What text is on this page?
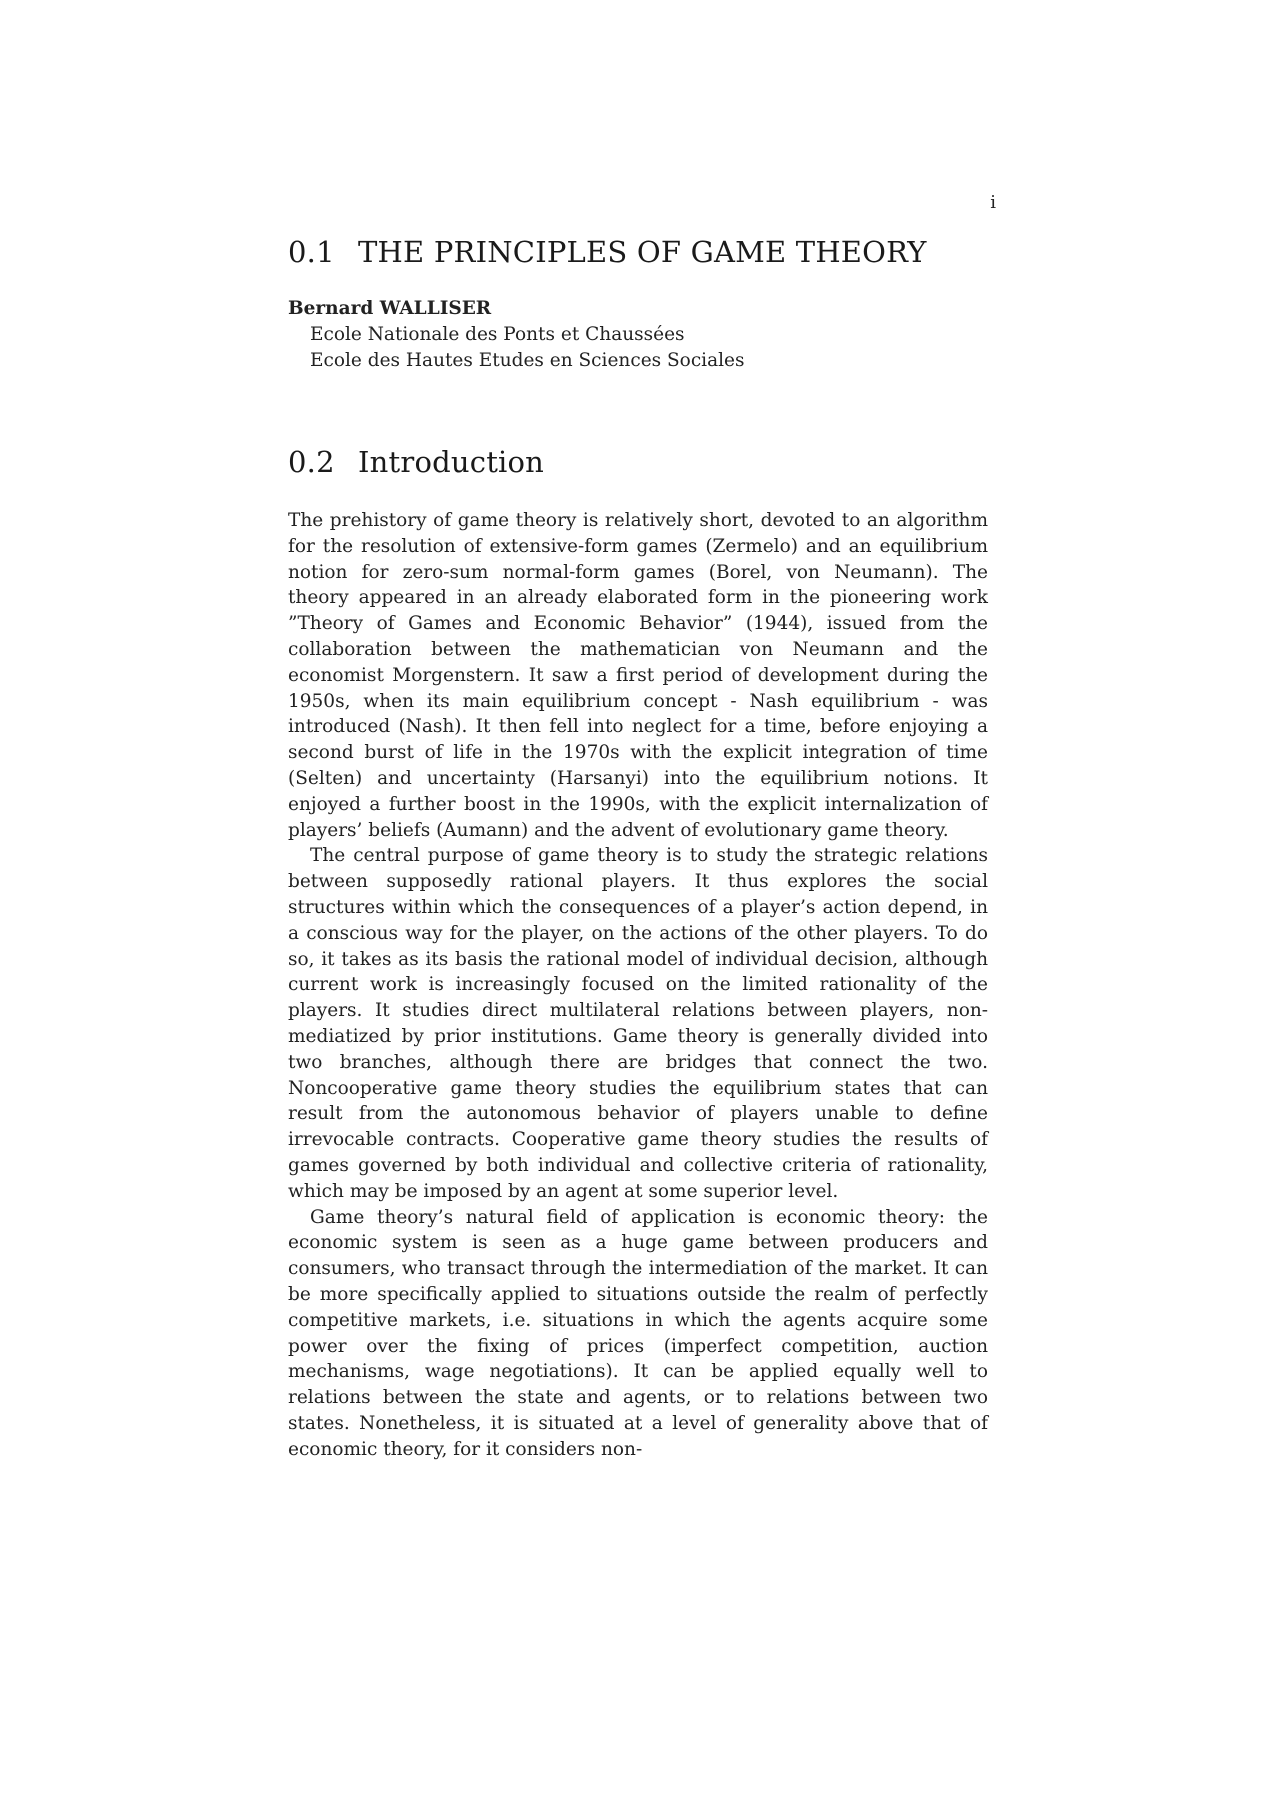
i
0.1 THE PRINCIPLES OF GAME THEORY
Bernard WALLISER
Ecole Nationale des Ponts et Chaussées
Ecole des Hautes Etudes en Sciences Sociales
0.2 Introduction

The prehistory of game theory is relatively short, devoted to an algorithm for the resolution of extensive-form games (Zermelo) and an equilibrium notion for zero-sum normal-form games (Borel, von Neumann). The theory appeared in an already elaborated form in the pioneering work ”Theory of Games and Economic Behavior” (1944), issued from the collaboration between the mathematician von Neumann and the economist Morgenstern. It saw a first period of development during the 1950s, when its main equilibrium concept - Nash equilibrium - was introduced (Nash). It then fell into neglect for a time, before enjoying a second burst of life in the 1970s with the explicit integration of time (Selten) and uncertainty (Harsanyi) into the equilibrium notions. It enjoyed a further boost in the 1990s, with the explicit internalization of players’ beliefs (Aumann) and the advent of evolutionary game theory.

The central purpose of game theory is to study the strategic relations between supposedly rational players. It thus explores the social structures within which the consequences of a player’s action depend, in a conscious way for the player, on the actions of the other players. To do so, it takes as its basis the rational model of individual decision, although current work is increasingly focused on the limited rationality of the players. It studies direct multilateral relations between players, non-mediatized by prior institutions. Game theory is generally divided into two branches, although there are bridges that connect the two. Noncooperative game theory studies the equilibrium states that can result from the autonomous behavior of players unable to define irrevocable contracts. Cooperative game theory studies the results of games governed by both individual and collective criteria of rationality, which may be imposed by an agent at some superior level.

Game theory’s natural field of application is economic theory: the economic system is seen as a huge game between producers and consumers, who transact through the intermediation of the market. It can be more specifically applied to situations outside the realm of perfectly competitive markets, i.e. situations in which the agents acquire some power over the fixing of prices (imperfect competition, auction mechanisms, wage negotiations). It can be applied equally well to relations between the state and agents, or to relations between two states. Nonetheless, it is situated at a level of generality above that of economic theory, for it considers non-
